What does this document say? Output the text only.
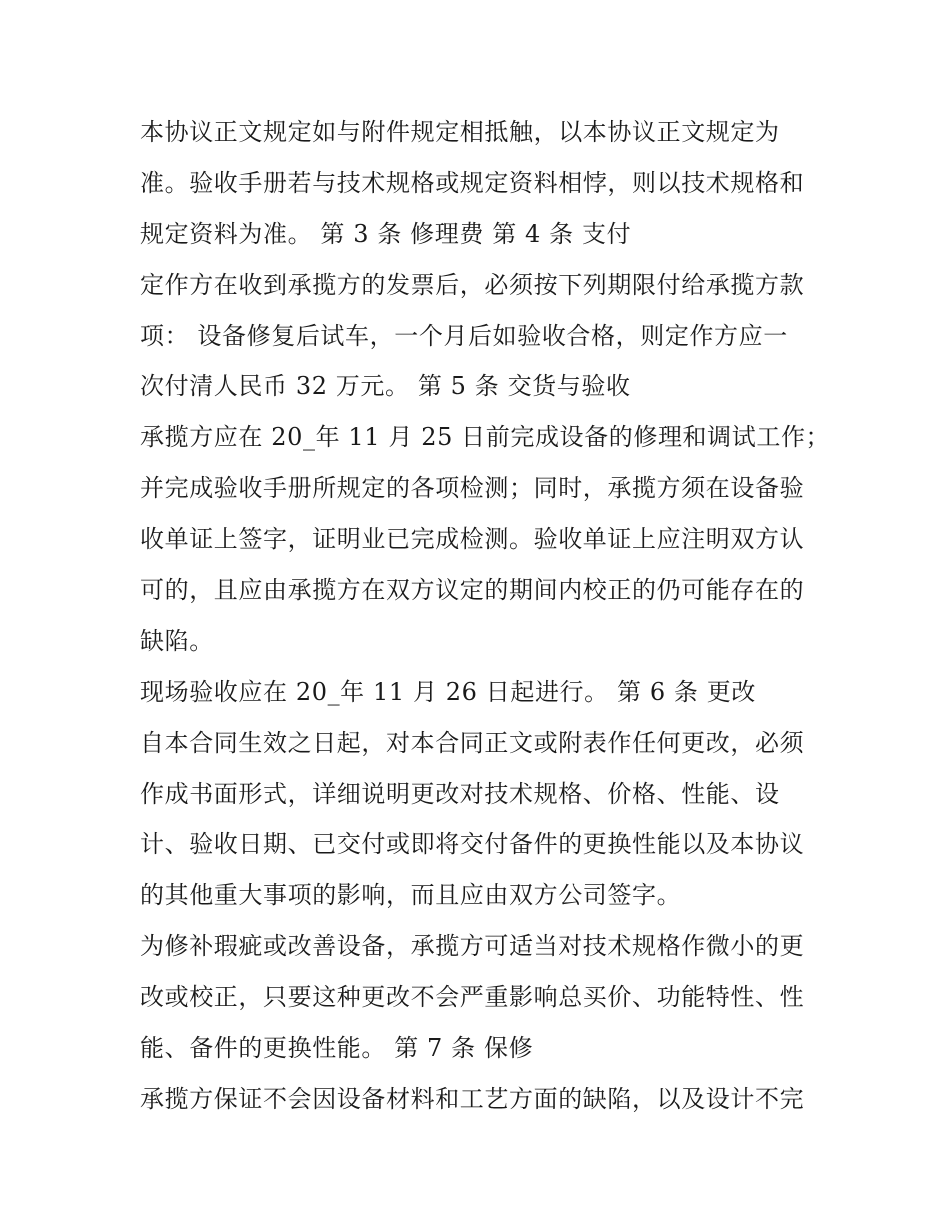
本协议正文规定如与附件规定相抵触，以本协议正文规定为
准。验收手册若与技术规格或规定资料相悖，则以技术规格和
规定资料为准。 第 3 条 修理费 第 4 条 支付
定作方在收到承揽方的发票后，必须按下列期限付给承揽方款
项： 设备修复后试车，一个月后如验收合格，则定作方应一
次付清人民币 32 万元。 第 5 条 交货与验收
承揽方应在 20_年 11 月 25 日前完成设备的修理和调试工作；
并完成验收手册所规定的各项检测；同时，承揽方须在设备验
收单证上签字，证明业已完成检测。验收单证上应注明双方认
可的，且应由承揽方在双方议定的期间内校正的仍可能存在的
缺陷。
现场验收应在 20_年 11 月 26 日起进行。 第 6 条 更改
自本合同生效之日起，对本合同正文或附表作任何更改，必须
作成书面形式，详细说明更改对技术规格、价格、性能、设
计、验收日期、已交付或即将交付备件的更换性能以及本协议
的其他重大事项的影响，而且应由双方公司签字。
为修补瑕疵或改善设备，承揽方可适当对技术规格作微小的更
改或校正，只要这种更改不会严重影响总买价、功能特性、性
能、备件的更换性能。 第 7 条 保修
承揽方保证不会因设备材料和工艺方面的缺陷，以及设计不完
